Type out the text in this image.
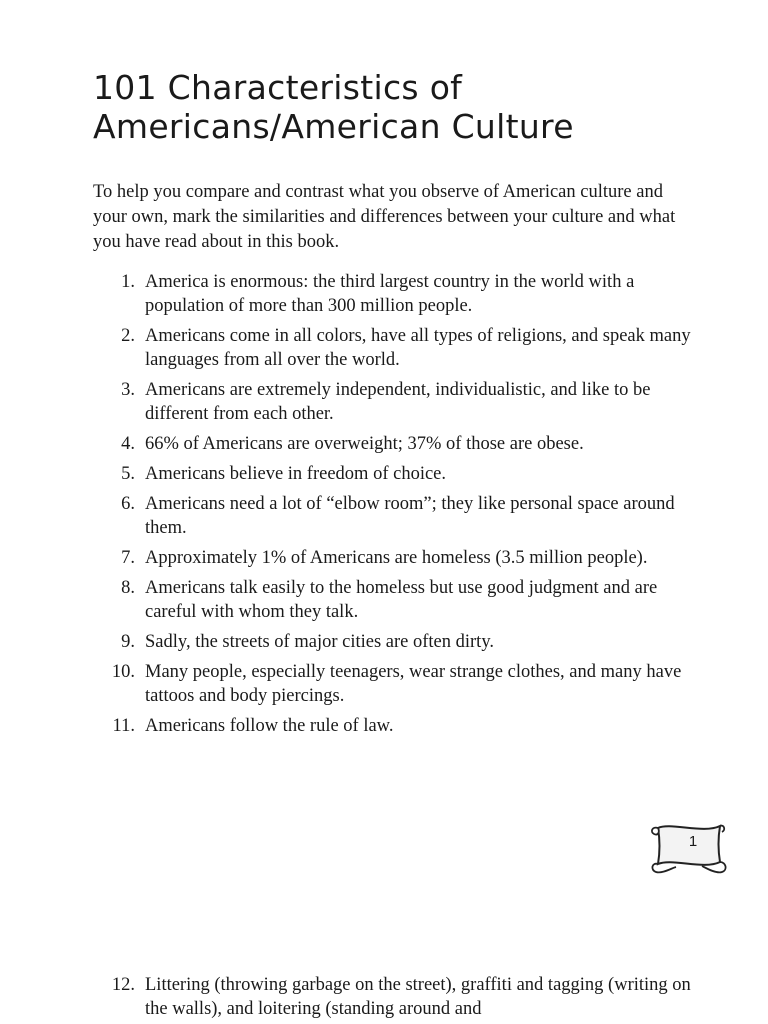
101 Characteristics of
Americans/American Culture

To help you compare and contrast what you observe of American culture and your own, mark the similarities and differences between your culture and what you have read about in this book.

1. America is enormous: the third largest country in the world with a population of more than 300 million people.
2. Americans come in all colors, have all types of religions, and speak many languages from all over the world.
3. Americans are extremely independent, individualistic, and like to be different from each other.
4. 66% of Americans are overweight; 37% of those are obese.
5. Americans believe in freedom of choice.
6. Americans need a lot of “elbow room”; they like personal space around them.
7. Approximately 1% of Americans are homeless (3.5 million people).
8. Americans talk easily to the homeless but use good judgment and are careful with whom they talk.
9. Sadly, the streets of major cities are often dirty.
10. Many people, especially teenagers, wear strange clothes, and many have tattoos and body piercings.
11. Americans follow the rule of law.
1
12. Littering (throwing garbage on the street), graffiti and tagging (writing on the walls), and loitering (standing around and
